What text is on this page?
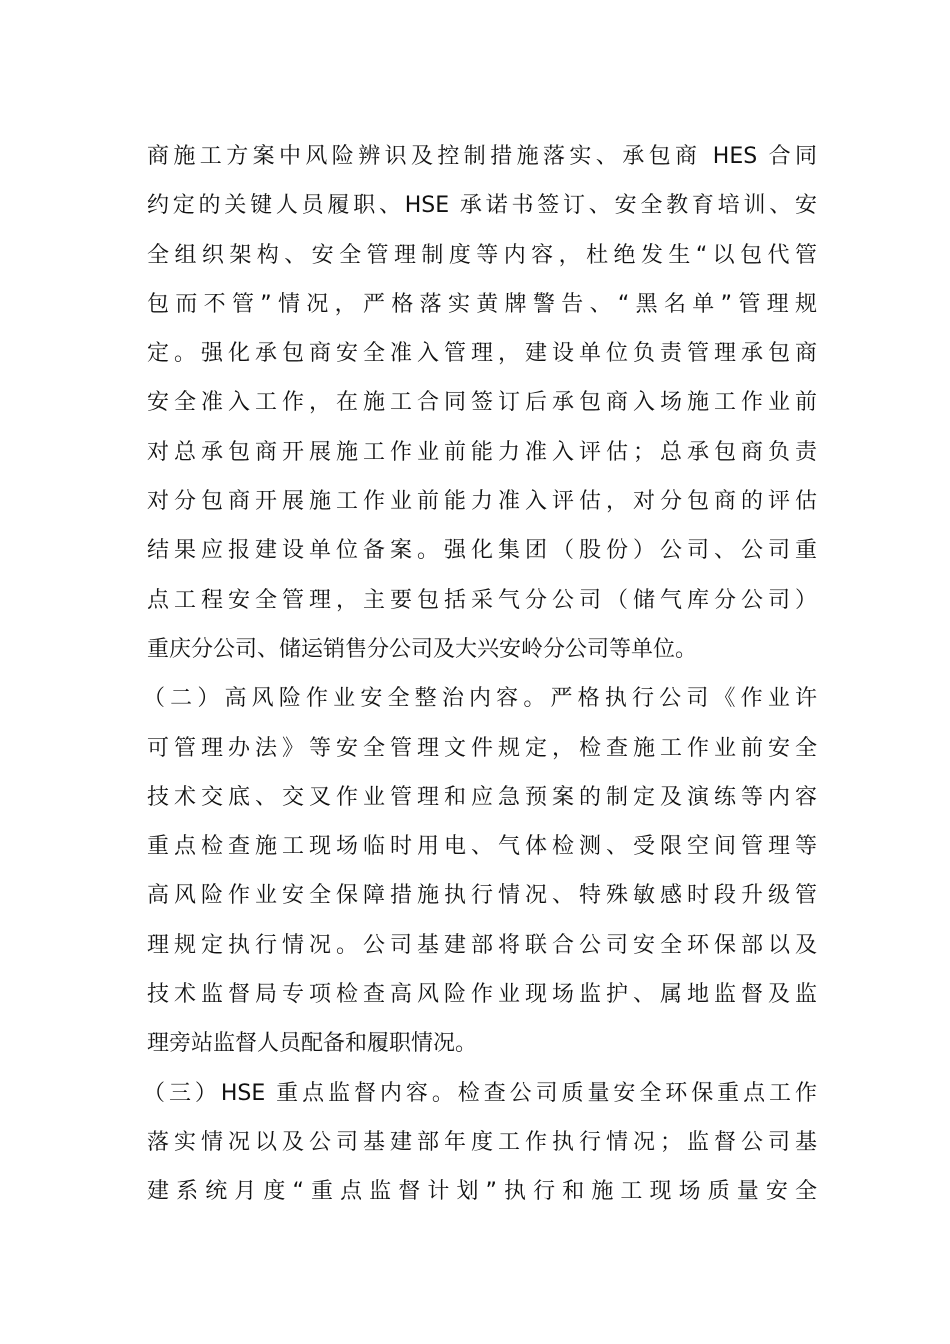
商施工方案中风险辨识及控制措施落实、承包商 HES 合同
约定的关键人员履职、HSE 承诺书签订、安全教育培训、安
全组织架构、安全管理制度等内容，杜绝发生“以包代管
包而不管”情况，严格落实黄牌警告、“黑名单”管理规
定。强化承包商安全准入管理，建设单位负责管理承包商
安全准入工作，在施工合同签订后承包商入场施工作业前
对总承包商开展施工作业前能力准入评估；总承包商负责
对分包商开展施工作业前能力准入评估，对分包商的评估
结果应报建设单位备案。强化集团（股份）公司、公司重
点工程安全管理，主要包括采气分公司（储气库分公司）
重庆分公司、储运销售分公司及大兴安岭分公司等单位。
（二）高风险作业安全整治内容。严格执行公司《作业许
可管理办法》等安全管理文件规定，检查施工作业前安全
技术交底、交叉作业管理和应急预案的制定及演练等内容
重点检查施工现场临时用电、气体检测、受限空间管理等
高风险作业安全保障措施执行情况、特殊敏感时段升级管
理规定执行情况。公司基建部将联合公司安全环保部以及
技术监督局专项检查高风险作业现场监护、属地监督及监
理旁站监督人员配备和履职情况。
（三）HSE 重点监督内容。检查公司质量安全环保重点工作
落实情况以及公司基建部年度工作执行情况；监督公司基
建系统月度“重点监督计划”执行和施工现场质量安全
